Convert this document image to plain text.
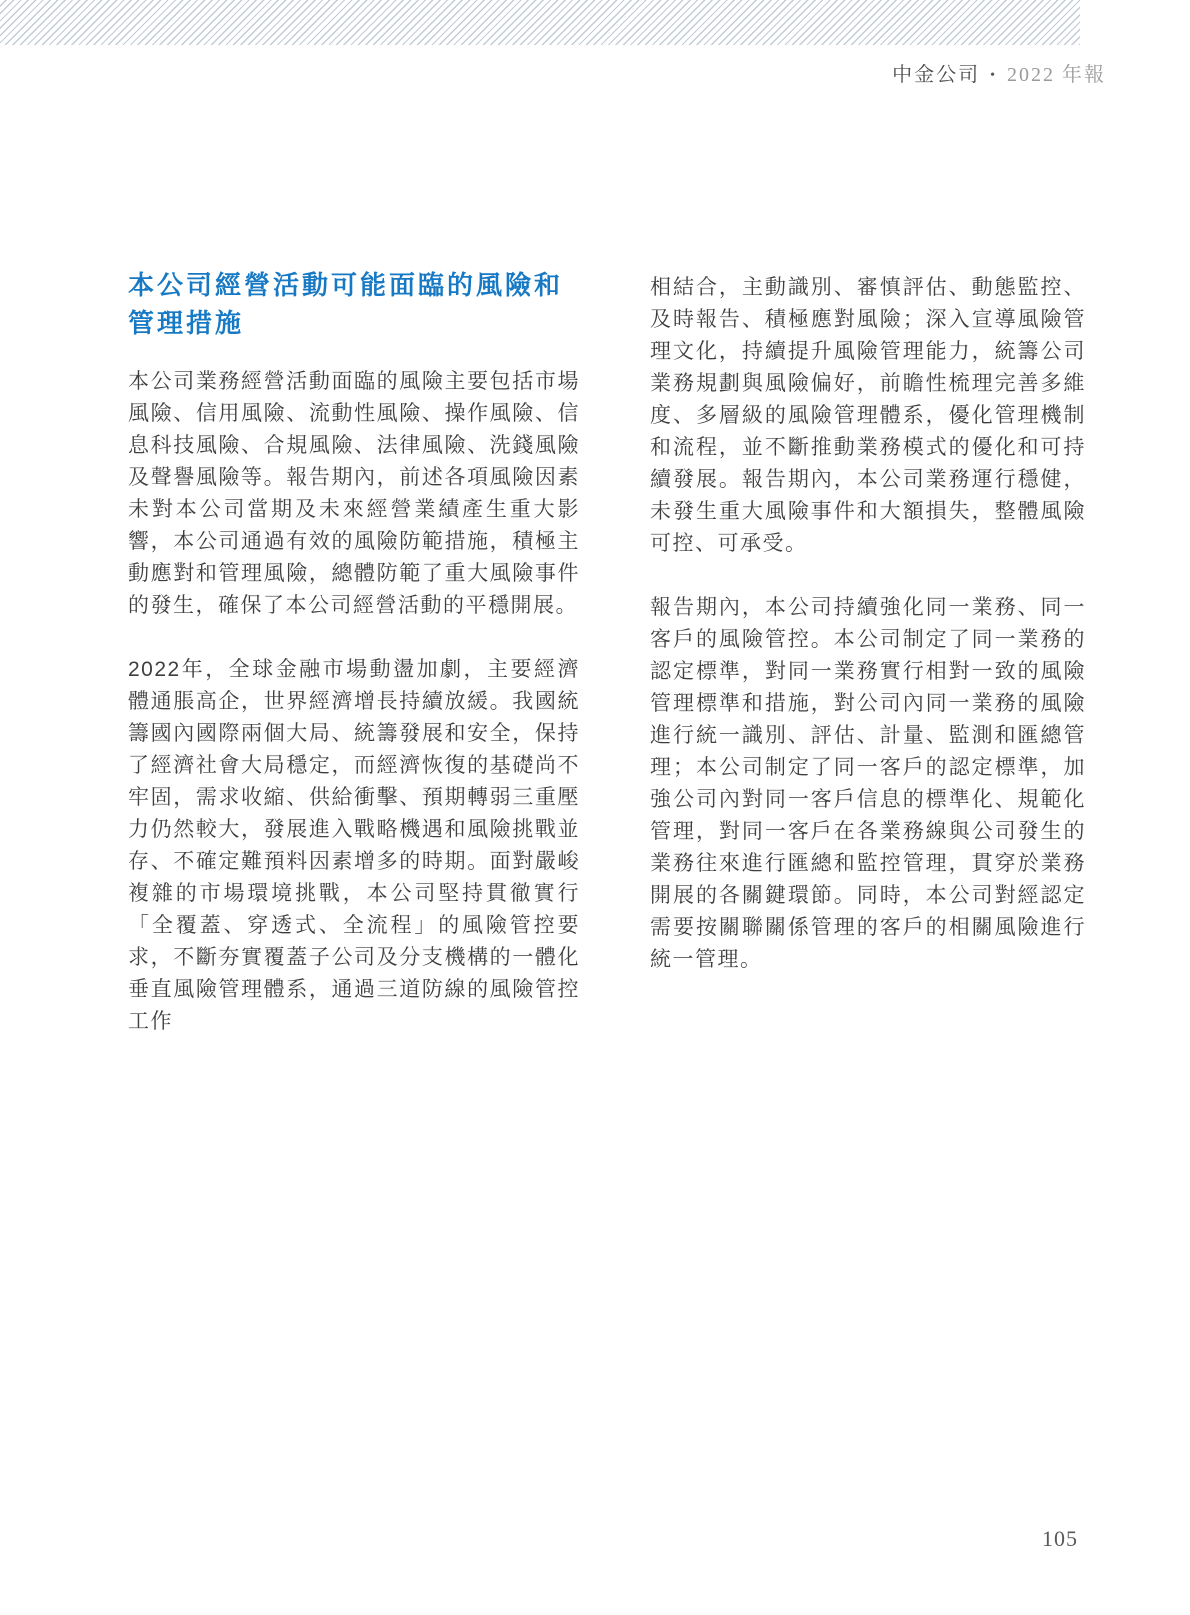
中金公司 • 2022 年報
本公司經營活動可能面臨的風險和管理措施

本公司業務經營活動面臨的風險主要包括市場風險、信用風險、流動性風險、操作風險、信息科技風險、合規風險、法律風險、洗錢風險及聲譽風險等。報告期內，前述各項風險因素未對本公司當期及未來經營業績產生重大影響，本公司通過有效的風險防範措施，積極主動應對和管理風險，總體防範了重大風險事件的發生，確保了本公司經營活動的平穩開展。

2022年，全球金融市場動盪加劇，主要經濟體通脹高企，世界經濟增長持續放緩。我國統籌國內國際兩個大局、統籌發展和安全，保持了經濟社會大局穩定，而經濟恢復的基礎尚不牢固，需求收縮、供給衝擊、預期轉弱三重壓力仍然較大，發展進入戰略機遇和風險挑戰並存、不確定難預料因素增多的時期。面對嚴峻複雜的市場環境挑戰，本公司堅持貫徹實行「全覆蓋、穿透式、全流程」的風險管控要求，不斷夯實覆蓋子公司及分支機構的一體化垂直風險管理體系，通過三道防線的風險管控工作

相結合，主動識別、審慎評估、動態監控、及時報告、積極應對風險；深入宣導風險管理文化，持續提升風險管理能力，統籌公司業務規劃與風險偏好，前瞻性梳理完善多維度、多層級的風險管理體系，優化管理機制和流程，並不斷推動業務模式的優化和可持續發展。報告期內，本公司業務運行穩健，未發生重大風險事件和大額損失，整體風險可控、可承受。

報告期內，本公司持續強化同一業務、同一客戶的風險管控。本公司制定了同一業務的認定標準，對同一業務實行相對一致的風險管理標準和措施，對公司內同一業務的風險進行統一識別、評估、計量、監測和匯總管理；本公司制定了同一客戶的認定標準，加強公司內對同一客戶信息的標準化、規範化管理，對同一客戶在各業務線與公司發生的業務往來進行匯總和監控管理，貫穿於業務開展的各關鍵環節。同時，本公司對經認定需要按關聯關係管理的客戶的相關風險進行統一管理。

105
